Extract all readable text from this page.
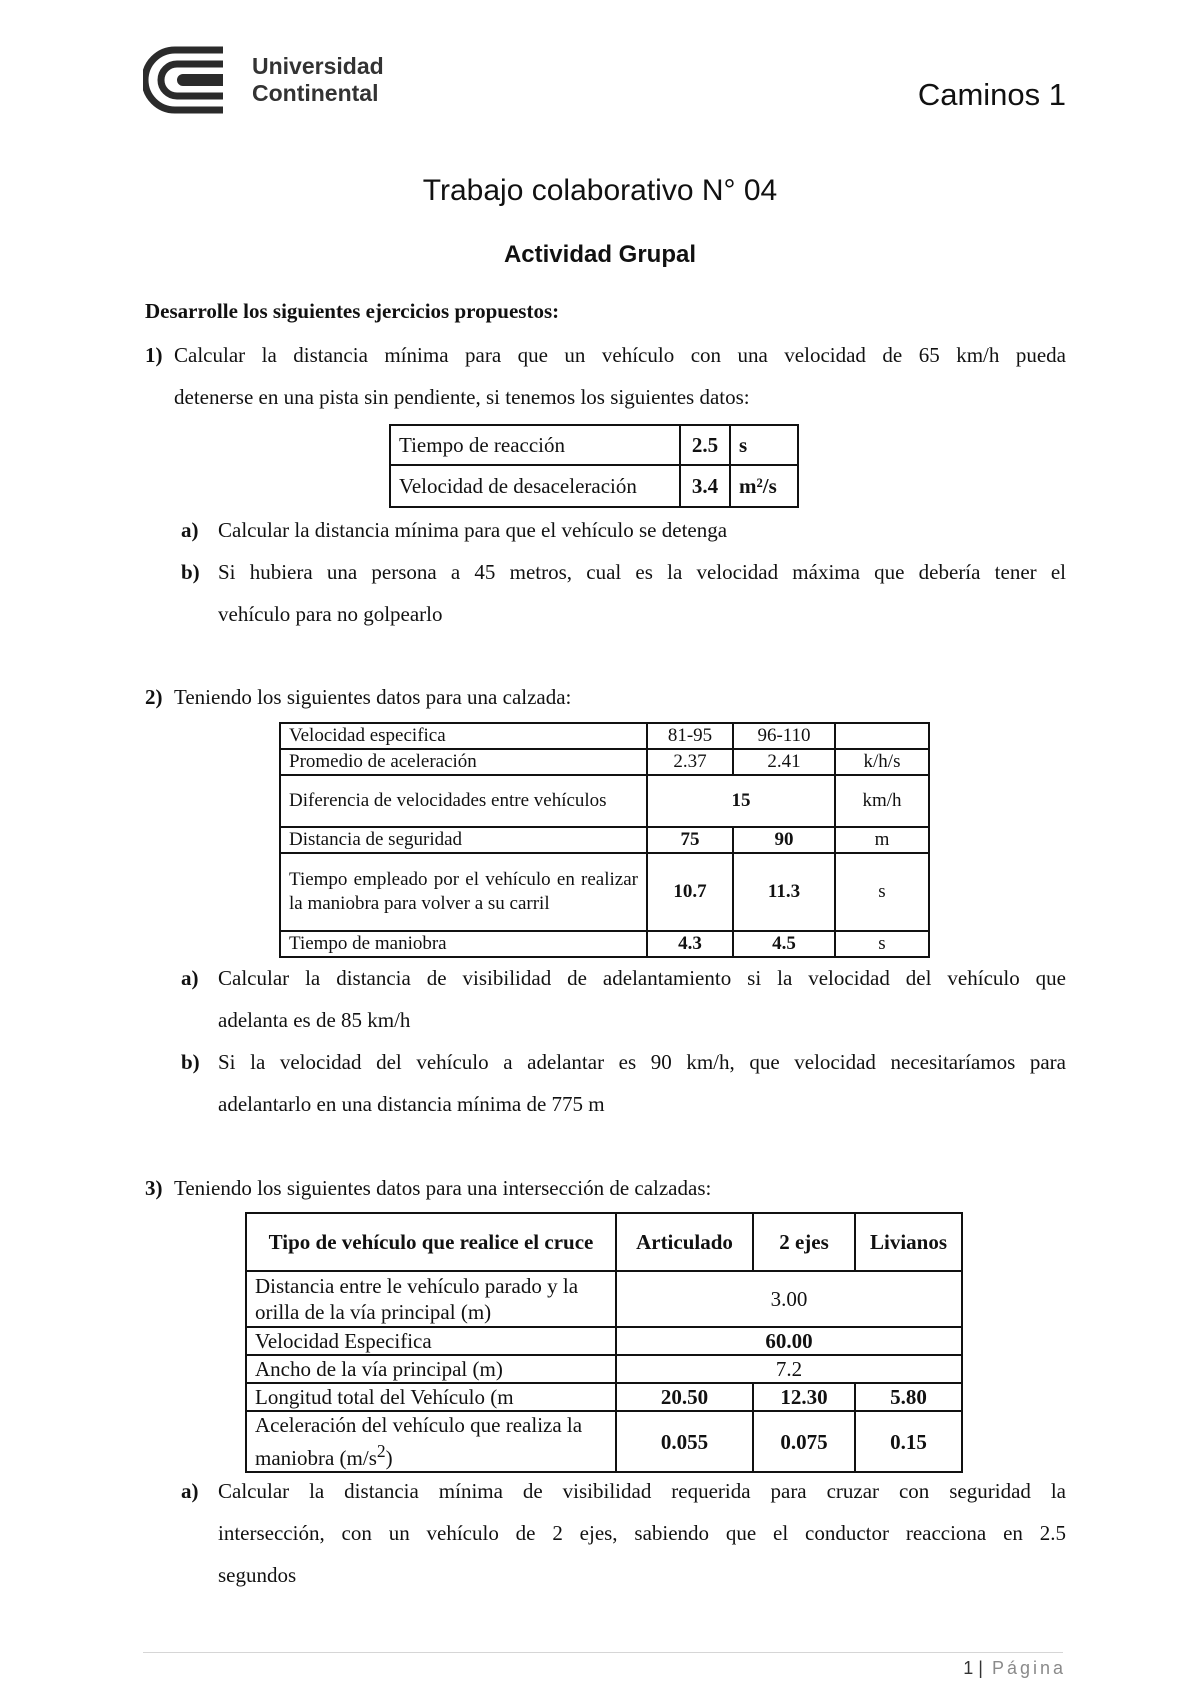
Universidad
Continental	Caminos 1
Trabajo colaborativo N° 04
Actividad Grupal
Desarrolle los siguientes ejercicios propuestos:
1) Calcular la distancia mínima para que un vehículo con una velocidad de 65 km/h pueda
detenerse en una pista sin pendiente, si tenemos los siguientes datos:
Tiempo de reacción	2.5	s
Velocidad de desaceleración	3.4	m²/s
a) Calcular la distancia mínima para que el vehículo se detenga
b) Si hubiera una persona a 45 metros, cual es la velocidad máxima que debería tener el
vehículo para no golpearlo
2) Teniendo los siguientes datos para una calzada:
Velocidad especifica	81-95	96-110	
Promedio de aceleración	2.37	2.41	k/h/s
Diferencia de velocidades entre vehículos	15		km/h
Distancia de seguridad	75	90	m
Tiempo empleado por el vehículo en realizar la maniobra para volver a su carril	10.7	11.3	s
Tiempo de maniobra	4.3	4.5	s
a) Calcular la distancia de visibilidad de adelantamiento si la velocidad del vehículo que
adelanta es de 85 km/h
b) Si la velocidad del vehículo a adelantar es 90 km/h, que velocidad necesitaríamos para
adelantarlo en una distancia mínima de 775 m
3) Teniendo los siguientes datos para una intersección de calzadas:
Tipo de vehículo que realice el cruce	Articulado	2 ejes	Livianos
Distancia entre le vehículo parado y la orilla de la vía principal (m)	3.00		
Velocidad Especifica	60.00		
Ancho de la vía principal (m)	7.2		
Longitud total del Vehículo (m	20.50	12.30	5.80
Aceleración del vehículo que realiza la maniobra $(m/s^2)$	0.055	0.075	0.15
a) Calcular la distancia mínima de visibilidad requerida para cruzar con seguridad la
intersección, con un vehículo de 2 ejes, sabiendo que el conductor reacciona en 2.5
segundos
1 | Página
